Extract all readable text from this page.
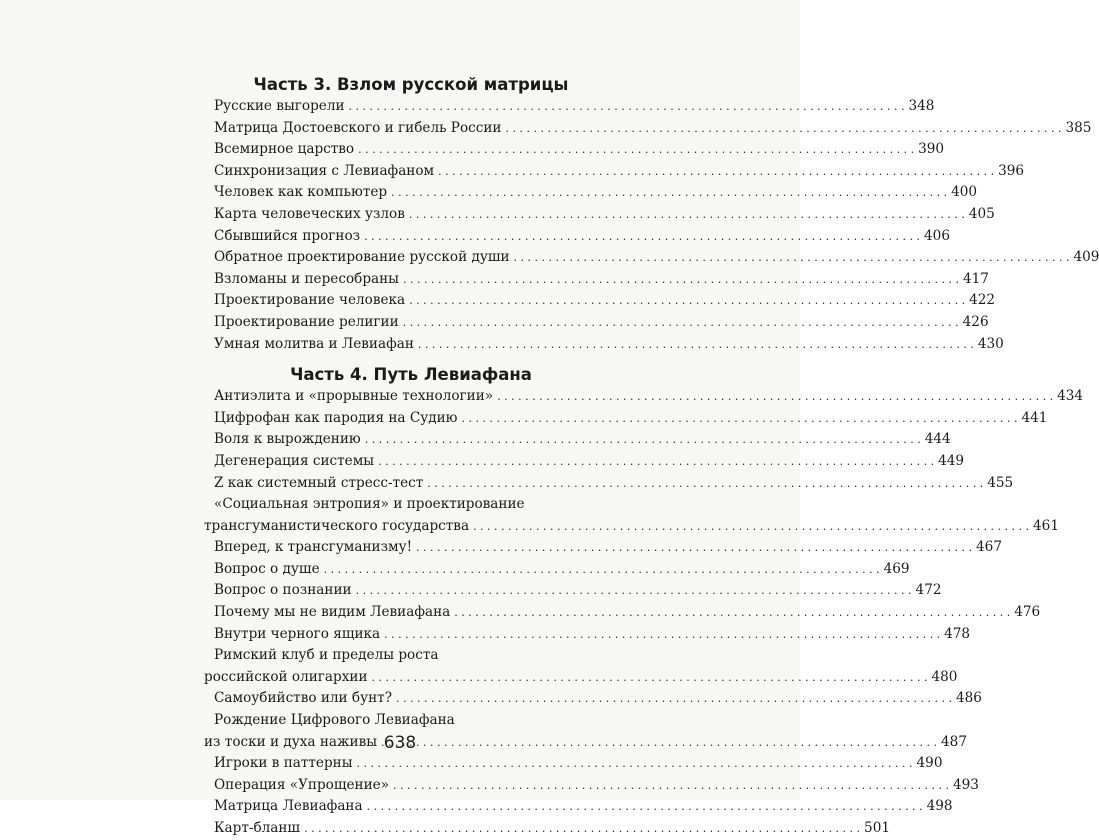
Часть 3. Взлом русской матрицы
Русские выгорели . . .	348
Матрица Достоевского и гибель России . . .	385
Всемирное царство . . .	390
Синхронизация с Левиафаном . . .	396
Человек как компьютер . . .	400
Карта человеческих узлов . . .	405
Сбывшийся прогноз . . .	406
Обратное проектирование русской души . . .	409
Взломаны и пересобраны . . .	417
Проектирование человека . . .	422
Проектирование религии . . .	426
Умная молитва и Левиафан . . .	430
Часть 4. Путь Левиафана
Антиэлита и «прорывные технологии» . . .	434
Цифрофан как пародия на Судию . . .	441
Воля к вырождению . . .	444
Дегенерация системы . . .	449
Z как системный стресс-тест . . .	455
«Социальная энтропия» и проектирование
трансгуманистического государства . . .	461
Вперед, к трансгуманизму! . . .	467
Вопрос о душе . . .	469
Вопрос о познании . . .	472
Почему мы не видим Левиафана . . .	476
Внутри черного ящика . . .	478
Римский клуб и пределы роста
российской олигархии . . .	480
Самоубийство или бунт? . . .	486
Рождение Цифрового Левиафана
из тоски и духа наживы . . .	487
Игроки в паттерны . . .	490
Операция «Упрощение» . . .	493
Матрица Левиафана . . .	498
Карт-бланш . . .	501
638
